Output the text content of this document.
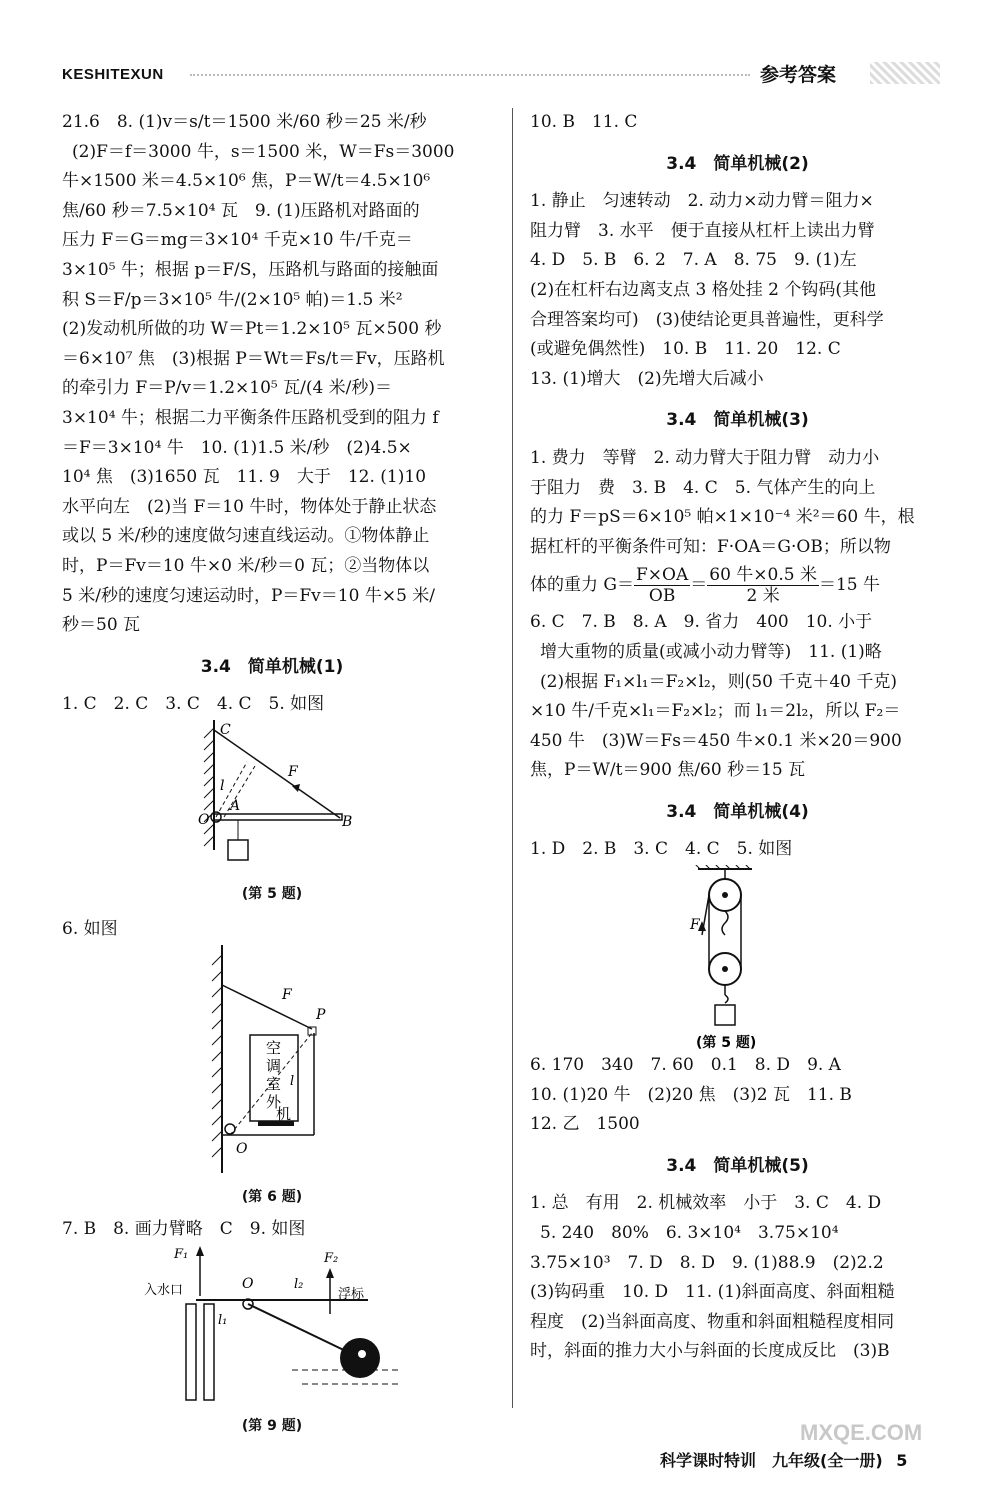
KESHITEXUN	参考答案

21.6　8. (1)v＝s/t＝1500 米/60 秒＝25 米/秒

(2)F＝f＝3000 牛，s＝1500 米，W＝Fs＝3000

牛×1500 米＝4.5×10⁶ 焦，P＝W/t＝4.5×10⁶

焦/60 秒＝7.5×10⁴ 瓦　9. (1)压路机对路面的

压力 F＝G＝mg＝3×10⁴ 千克×10 牛/千克＝

3×10⁵ 牛；根据 p＝F/S，压路机与路面的接触面

积 S＝F/p＝3×10⁵ 牛/(2×10⁵ 帕)＝1.5 米²

(2)发动机所做的功 W＝Pt＝1.2×10⁵ 瓦×500 秒

＝6×10⁷ 焦　(3)根据 P＝Wt＝Fs/t＝Fv，压路机

的牵引力 F＝P/v＝1.2×10⁵ 瓦/(4 米/秒)＝

3×10⁴ 牛；根据二力平衡条件压路机受到的阻力 f

＝F＝3×10⁴ 牛　10. (1)1.5 米/秒　(2)4.5×

10⁴ 焦　(3)1650 瓦　11. 9　大于　12. (1)10

水平向左　(2)当 F＝10 牛时，物体处于静止状态

或以 5 米/秒的速度做匀速直线运动。①物体静止

时，P＝Fv＝10 牛×0 米/秒＝0 瓦；②当物体以

5 米/秒的速度匀速运动时，P＝Fv＝10 牛×5 米/

秒＝50 瓦

3.4　简单机械(1)

1. C　2. C　3. C　4. C　5. 如图

C
l
F
O
A
B
(第 5 题)

6. 如图

F
P
O
l
空
调
室
外
机
(第 6 题)

7. B　8. 画力臂略　C　9. 如图

F₁	F₂
入水口	O
l₁
l₂
浮标
(第 9 题)

10. B　11. C

3.4　简单机械(2)

1. 静止　匀速转动　2. 动力×动力臂＝阻力×

阻力臂　3. 水平　便于直接从杠杆上读出力臂

4. D　5. B　6. 2　7. A　8. 75　9. (1)左

(2)在杠杆右边离支点 3 格处挂 2 个钩码(其他

合理答案均可)　(3)使结论更具普遍性，更科学

(或避免偶然性)　10. B　11. 20　12. C

13. (1)增大　(2)先增大后减小

3.4　简单机械(3)

1. 费力　等臂　2. 动力臂大于阻力臂　动力小

于阻力　费　3. B　4. C　5. 气体产生的向上

的力 F＝pS＝6×10⁵ 帕×1×10⁻⁴ 米²＝60 牛，根

据杠杆的平衡条件可知：F·OA＝G·OB；所以物

体的重力 $G= \frac{F\times OA}{OB} = \frac{\text{60 牛×0.5 米}}{\text{2 米}} =15$ 牛

6. C　7. B　8. A　9. 省力　400　10. 小于

增大重物的质量(或减小动力臂等)　11. (1)略

(2)根据 F₁×l₁＝F₂×l₂，则(50 千克＋40 千克)

×10 牛/千克×l₁＝F₂×l₂；而 l₁＝2l₂，所以 F₂＝

450 牛　(3)W＝Fs＝450 牛×0.1 米×20＝900

焦，P＝W/t＝900 焦/60 秒＝15 瓦

3.4　简单机械(4)

1. D　2. B　3. C　4. C　5. 如图

F
(第 5 题)

6. 170　340　7. 60　0.1　8. D　9. A

10. (1)20 牛　(2)20 焦　(3)2 瓦　11. B

12. 乙　1500

3.4　简单机械(5)

1. 总　有用　2. 机械效率　小于　3. C　4. D

5. 240　80%　6. 3×10⁴　3.75×10⁴

3.75×10³　7. D　8. D　9. (1)88.9　(2)2.2

(3)钩码重　10. D　11. (1)斜面高度、斜面粗糙

程度　(2)当斜面高度、物重和斜面粗糙程度相同

时，斜面的推力大小与斜面的长度成反比　(3)B

MXQE.COM
科学课时特训　九年级(全一册) 5
